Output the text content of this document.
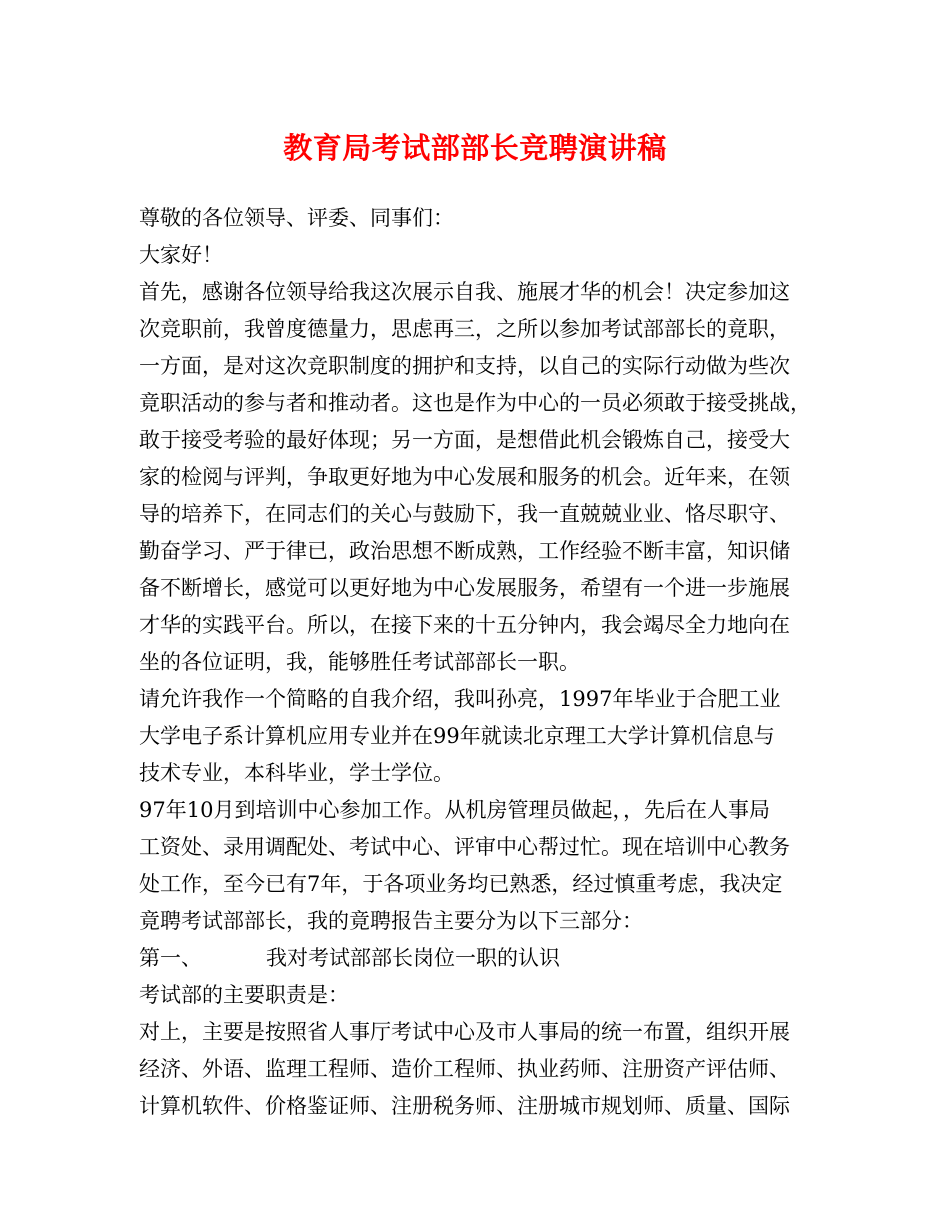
教育局考试部部长竞聘演讲稿
尊敬的各位领导、评委、同事们：
大家好！
首先，感谢各位领导给我这次展示自我、施展才华的机会！决定参加这
次竞职前，我曾度德量力，思虑再三，之所以参加考试部部长的竟职，
一方面，是对这次竞职制度的拥护和支持，以自己的实际行动做为些次
竟职活动的参与者和推动者。这也是作为中心的一员必须敢于接受挑战，
敢于接受考验的最好体现；另一方面，是想借此机会锻炼自己，接受大
家的检阅与评判，争取更好地为中心发展和服务的机会。近年来，在领
导的培养下，在同志们的关心与鼓励下，我一直兢兢业业、恪尽职守、
勤奋学习、严于律已，政治思想不断成熟，工作经验不断丰富，知识储
备不断增长，感觉可以更好地为中心发展服务，希望有一个进一步施展
才华的实践平台。所以，在接下来的十五分钟内，我会竭尽全力地向在
坐的各位证明，我，能够胜任考试部部长一职。
请允许我作一个简略的自我介绍，我叫孙亮，1997年毕业于合肥工业
大学电子系计算机应用专业并在99年就读北京理工大学计算机信息与
技术专业，本科毕业，学士学位。
97年10月到培训中心参加工作。从机房管理员做起，，先后在人事局
工资处、录用调配处、考试中心、评审中心帮过忙。现在培训中心教务
处工作，至今已有7年，于各项业务均已熟悉，经过慎重考虑，我决定
竟聘考试部部长，我的竟聘报告主要分为以下三部分：
第一、	我对考试部部长岗位一职的认识
考试部的主要职责是：
对上，主要是按照省人事厅考试中心及市人事局的统一布置，组织开展
经济、外语、监理工程师、造价工程师、执业药师、注册资产评估师、
计算机软件、价格鉴证师、注册税务师、注册城市规划师、质量、国际
